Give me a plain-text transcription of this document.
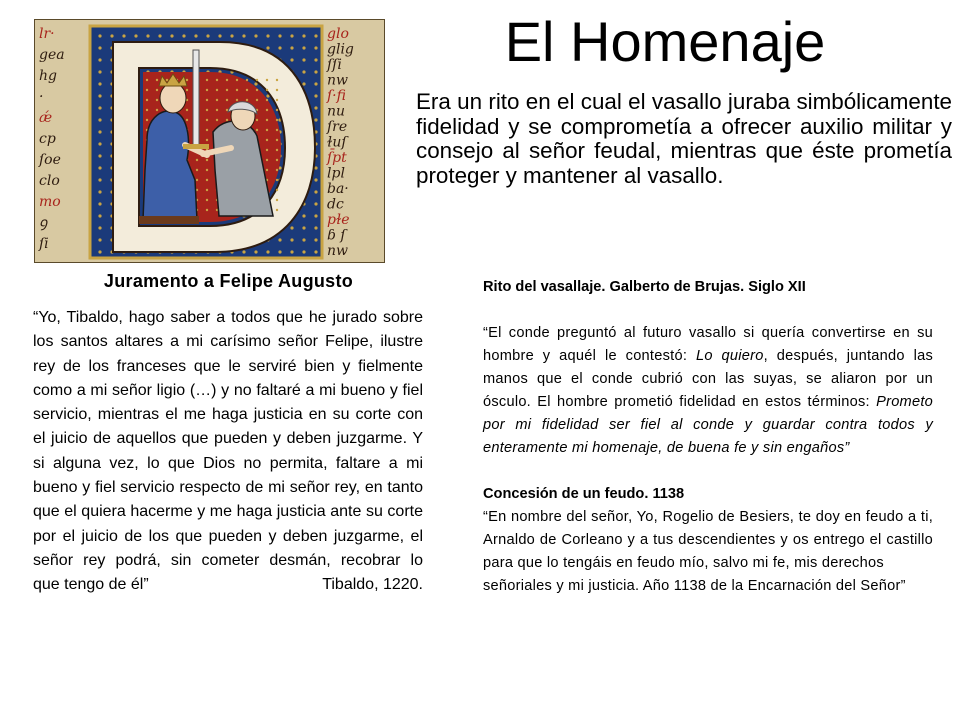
lr·
gea
hg
·
ǽ
cp
ſoe
clo
mo
ꝯ
ſi
glo
glig
ſſi
nw
ſ·fi
nu
ſre
ɫuſ
ſ̄pt
lpl
ba·
dc
pɫe
ɓ ſ
nw
El Homenaje
Era un rito en el cual el vasallo juraba simbólicamente fidelidad y se comprometía a ofrecer auxilio militar y consejo al señor feudal, mientras que éste prometía proteger y mantener al vasallo.
Juramento a Felipe Augusto
“Yo, Tibaldo, hago saber a todos que he jurado sobre los santos altares a mi carísimo señor Felipe, ilustre rey de los franceses que le serviré bien y fielmente como a mi señor ligio (…) y no faltaré a mi bueno y fiel servicio, mientras el me haga justicia en su corte con el juicio de aquellos que pueden y deben juzgarme. Y si alguna vez, lo que Dios no permita, faltare a mi bueno y fiel servicio respecto de mi señor rey, en tanto que el quiera hacerme y me haga justicia ante su corte por el juicio de los que pueden y deben juzgarme, el señor rey podrá, sin cometer desmán, recobrar lo
que tengo de él”	Tibaldo, 1220.

Rito del vasallaje. Galberto de Brujas. Siglo XII

“El conde preguntó al futuro vasallo si quería convertirse en su hombre y aquél le contestó: Lo quiero, después, juntando las manos que el conde cubrió con las suyas, se aliaron por un ósculo. El hombre prometió fidelidad en estos términos: Prometo por mi fidelidad ser fiel al conde y guardar contra todos y enteramente mi homenaje, de buena fe y sin engaños”

Concesión de un feudo. 1138

“En nombre del señor, Yo, Rogelio de Besiers, te doy en feudo a ti, Arnaldo de Corleano y a tus descendientes y os entrego el castillo para que lo tengáis en feudo mío, salvo mi fe, mis derechos

señoriales y mi justicia. Año 1138 de la Encarnación del Señor”
